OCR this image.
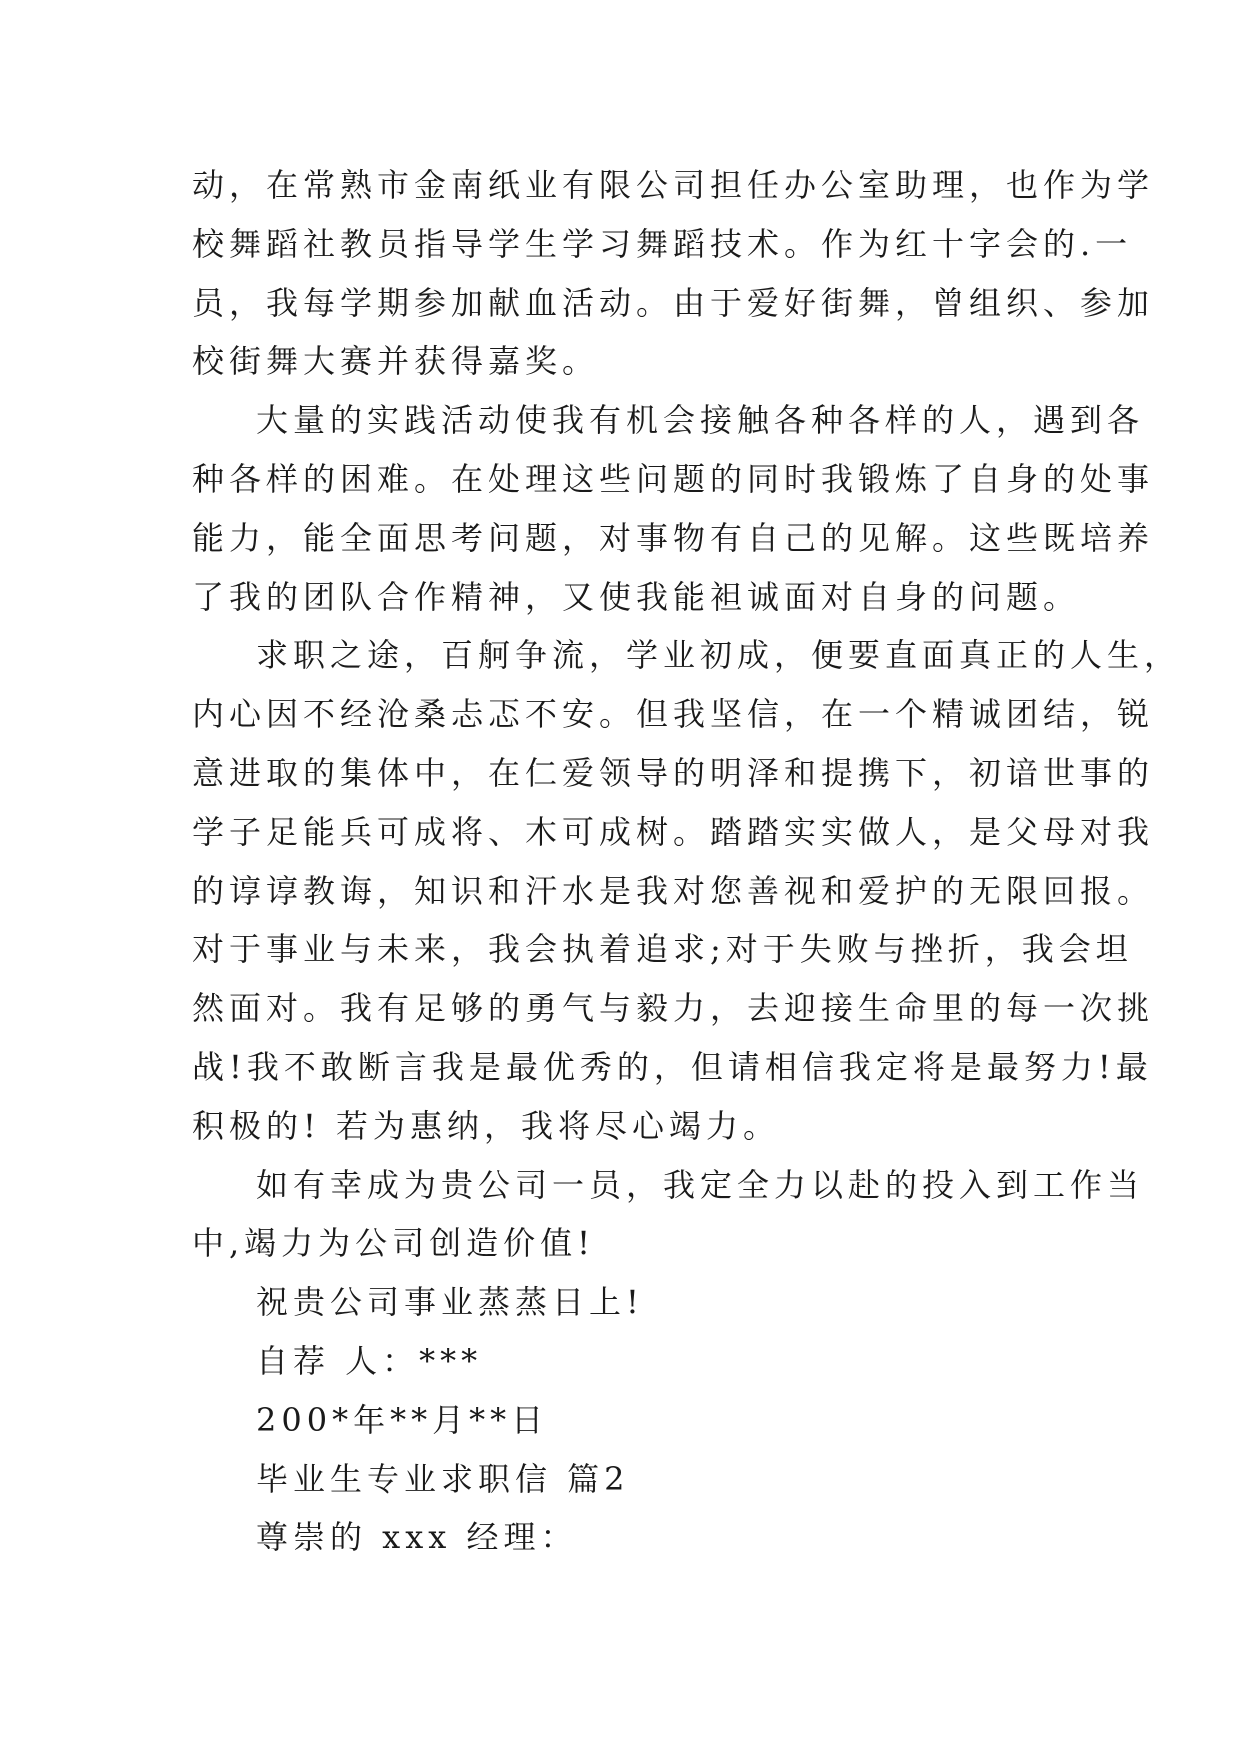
动，在常熟市金南纸业有限公司担任办公室助理，也作为学
校舞蹈社教员指导学生学习舞蹈技术。作为红十字会的.一
员，我每学期参加献血活动。由于爱好街舞，曾组织、参加
校街舞大赛并获得嘉奖。
大量的实践活动使我有机会接触各种各样的人，遇到各
种各样的困难。在处理这些问题的同时我锻炼了自身的处事
能力，能全面思考问题，对事物有自己的见解。这些既培养
了我的团队合作精神，又使我能袒诚面对自身的问题。
求职之途，百舸争流，学业初成，便要直面真正的人生，
内心因不经沧桑忐忑不安。但我坚信，在一个精诚团结，锐
意进取的集体中，在仁爱领导的明泽和提携下，初谙世事的
学子足能兵可成将、木可成树。踏踏实实做人，是父母对我
的谆谆教诲，知识和汗水是我对您善视和爱护的无限回报。
对于事业与未来，我会执着追求;对于失败与挫折，我会坦
然面对。我有足够的勇气与毅力，去迎接生命里的每一次挑
战!我不敢断言我是最优秀的，但请相信我定将是最努力!最
积极的! 若为惠纳，我将尽心竭力。
如有幸成为贵公司一员，我定全力以赴的投入到工作当
中,竭力为公司创造价值!
祝贵公司事业蒸蒸日上!
自荐 人：***
200*年**月**日
毕业生专业求职信 篇2
尊崇的 xxx 经理：
